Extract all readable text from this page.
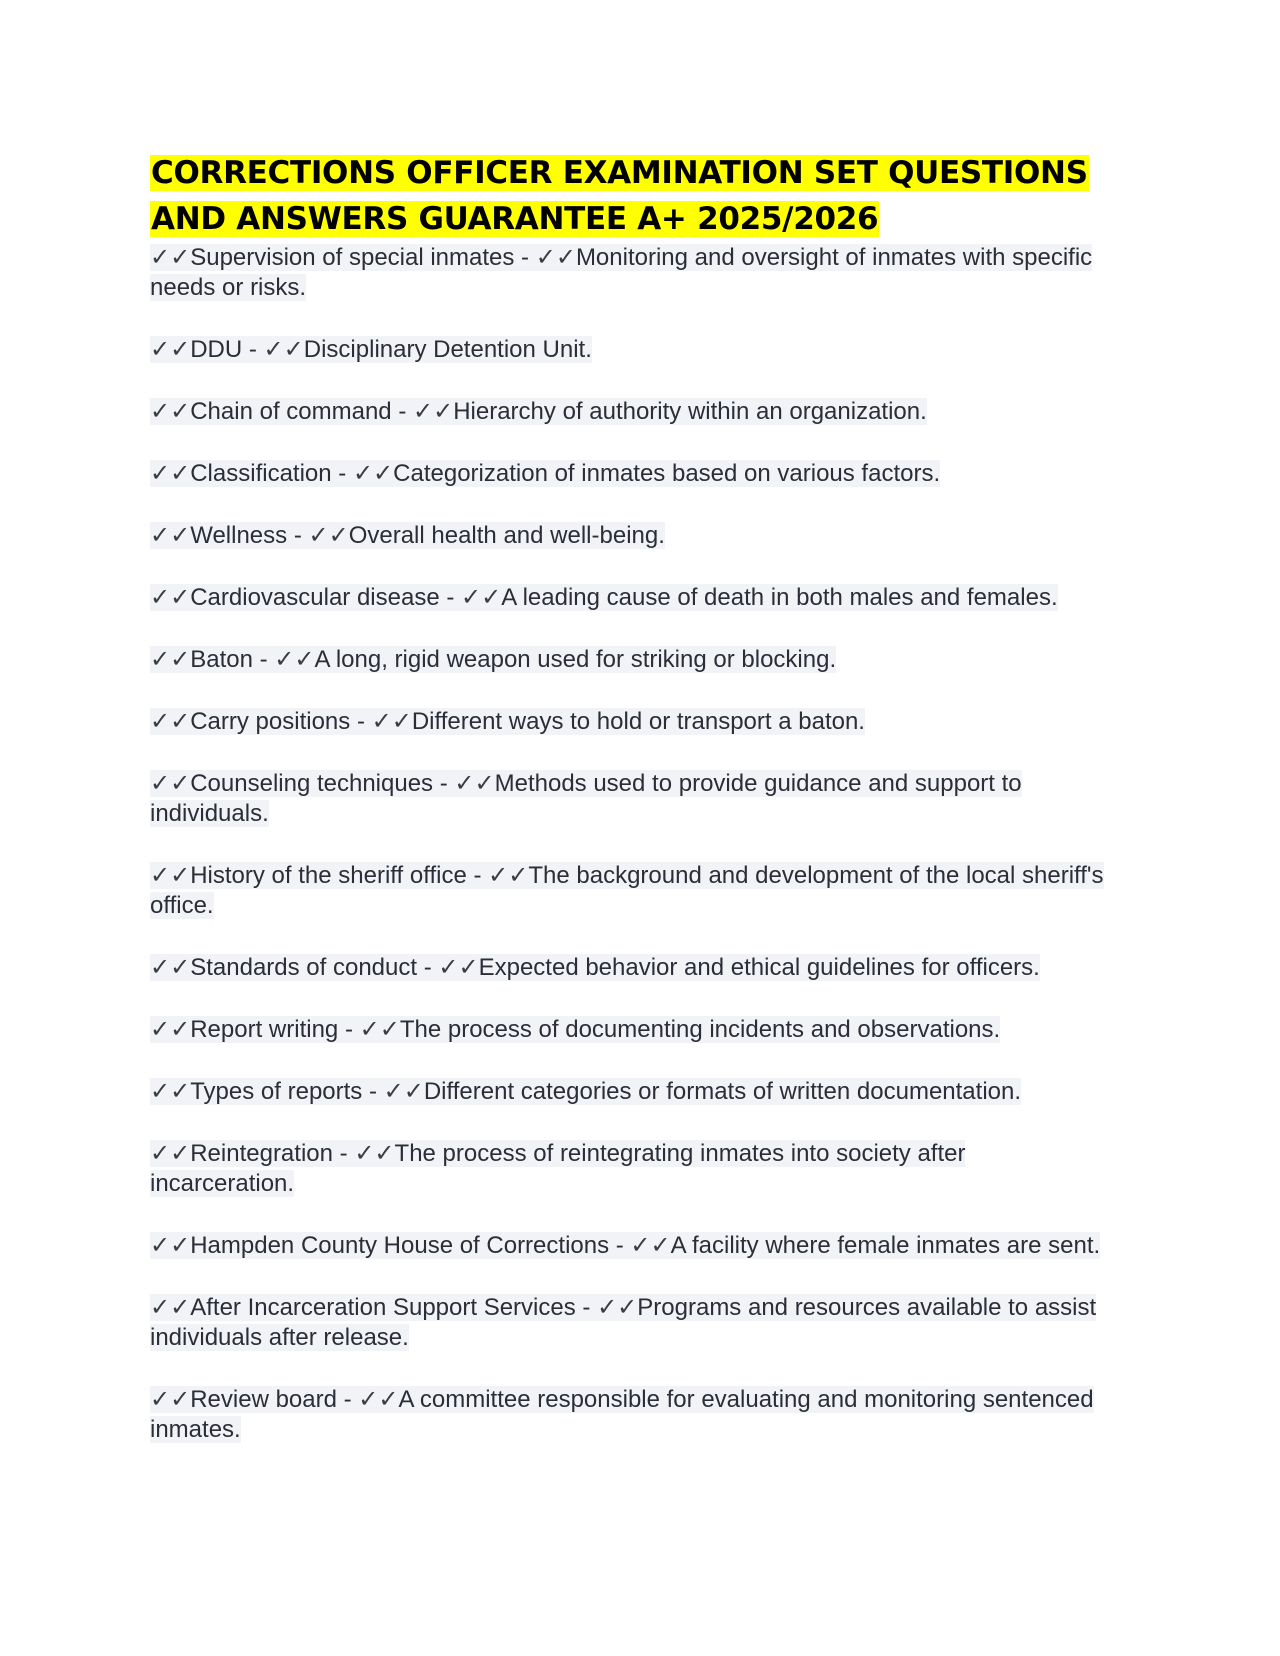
CORRECTIONS OFFICER EXAMINATION SET QUESTIONS AND ANSWERS GUARANTEE A+ 2025/2026
✓✓Supervision of special inmates - ✓✓Monitoring and oversight of inmates with specific needs or risks.
✓✓DDU - ✓✓Disciplinary Detention Unit.
✓✓Chain of command - ✓✓Hierarchy of authority within an organization.
✓✓Classification - ✓✓Categorization of inmates based on various factors.
✓✓Wellness - ✓✓Overall health and well-being.
✓✓Cardiovascular disease - ✓✓A leading cause of death in both males and females.
✓✓Baton - ✓✓A long, rigid weapon used for striking or blocking.
✓✓Carry positions - ✓✓Different ways to hold or transport a baton.
✓✓Counseling techniques - ✓✓Methods used to provide guidance and support to individuals.
✓✓History of the sheriff office - ✓✓The background and development of the local sheriff's office.
✓✓Standards of conduct - ✓✓Expected behavior and ethical guidelines for officers.
✓✓Report writing - ✓✓The process of documenting incidents and observations.
✓✓Types of reports - ✓✓Different categories or formats of written documentation.
✓✓Reintegration - ✓✓The process of reintegrating inmates into society after incarceration.
✓✓Hampden County House of Corrections - ✓✓A facility where female inmates are sent.
✓✓After Incarceration Support Services - ✓✓Programs and resources available to assist individuals after release.
✓✓Review board - ✓✓A committee responsible for evaluating and monitoring sentenced inmates.
